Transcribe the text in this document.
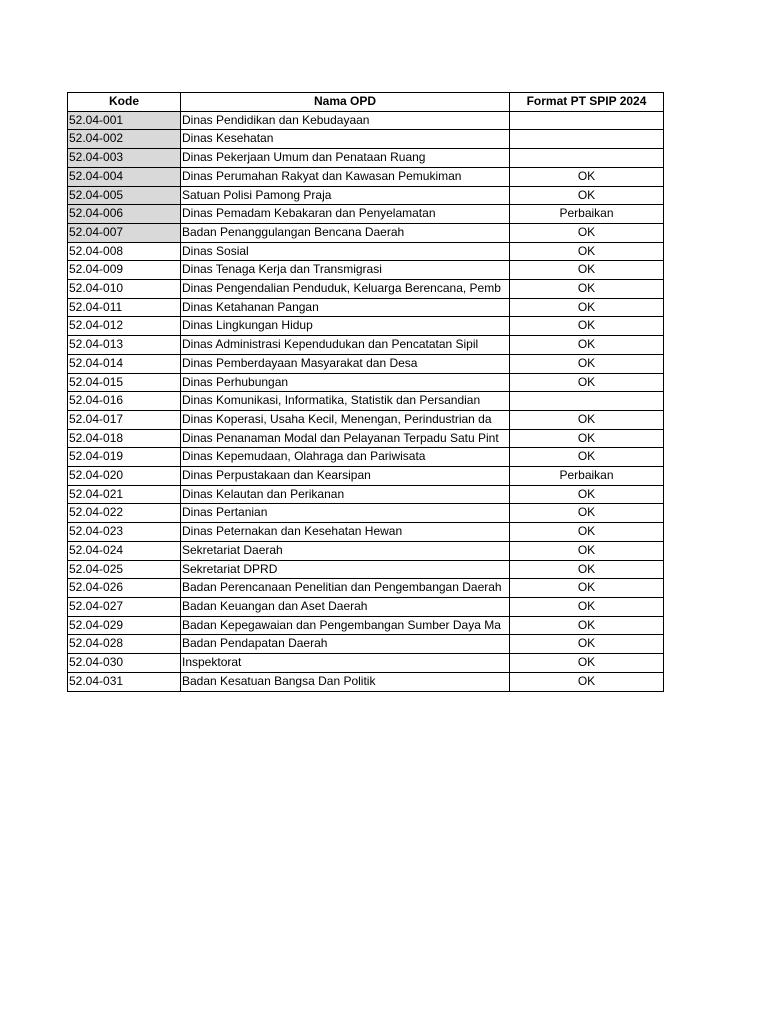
Kode	Nama OPD	Format PT SPIP 2024
52.04-001	Dinas Pendidikan dan Kebudayaan	
52.04-002	Dinas Kesehatan	
52.04-003	Dinas Pekerjaan Umum dan Penataan Ruang	
52.04-004	Dinas Perumahan Rakyat dan Kawasan Pemukiman	OK
52.04-005	Satuan Polisi Pamong Praja	OK
52.04-006	Dinas Pemadam Kebakaran dan Penyelamatan	Perbaikan
52.04-007	Badan Penanggulangan Bencana Daerah	OK
52.04-008	Dinas Sosial	OK
52.04-009	Dinas Tenaga Kerja dan Transmigrasi	OK
52.04-010	Dinas Pengendalian Penduduk, Keluarga Berencana, Pemb	OK
52.04-011	Dinas Ketahanan Pangan	OK
52.04-012	Dinas Lingkungan Hidup	OK
52.04-013	Dinas Administrasi Kependudukan dan Pencatatan Sipil	OK
52.04-014	Dinas Pemberdayaan Masyarakat dan Desa	OK
52.04-015	Dinas Perhubungan	OK
52.04-016	Dinas Komunikasi, Informatika, Statistik dan Persandian	
52.04-017	Dinas Koperasi, Usaha Kecil, Menengan, Perindustrian da	OK
52.04-018	Dinas Penanaman Modal dan Pelayanan Terpadu Satu Pint	OK
52.04-019	Dinas Kepemudaan, Olahraga dan Pariwisata	OK
52.04-020	Dinas Perpustakaan dan Kearsipan	Perbaikan
52.04-021	Dinas Kelautan dan Perikanan	OK
52.04-022	Dinas Pertanian	OK
52.04-023	Dinas Peternakan dan Kesehatan Hewan	OK
52.04-024	Sekretariat Daerah	OK
52.04-025	Sekretariat DPRD	OK
52.04-026	Badan Perencanaan Penelitian dan Pengembangan Daerah	OK
52.04-027	Badan Keuangan dan Aset Daerah	OK
52.04-029	Badan Kepegawaian dan Pengembangan Sumber Daya Ma	OK
52.04-028	Badan Pendapatan Daerah	OK
52.04-030	Inspektorat	OK
52.04-031	Badan Kesatuan Bangsa Dan Politik	OK
